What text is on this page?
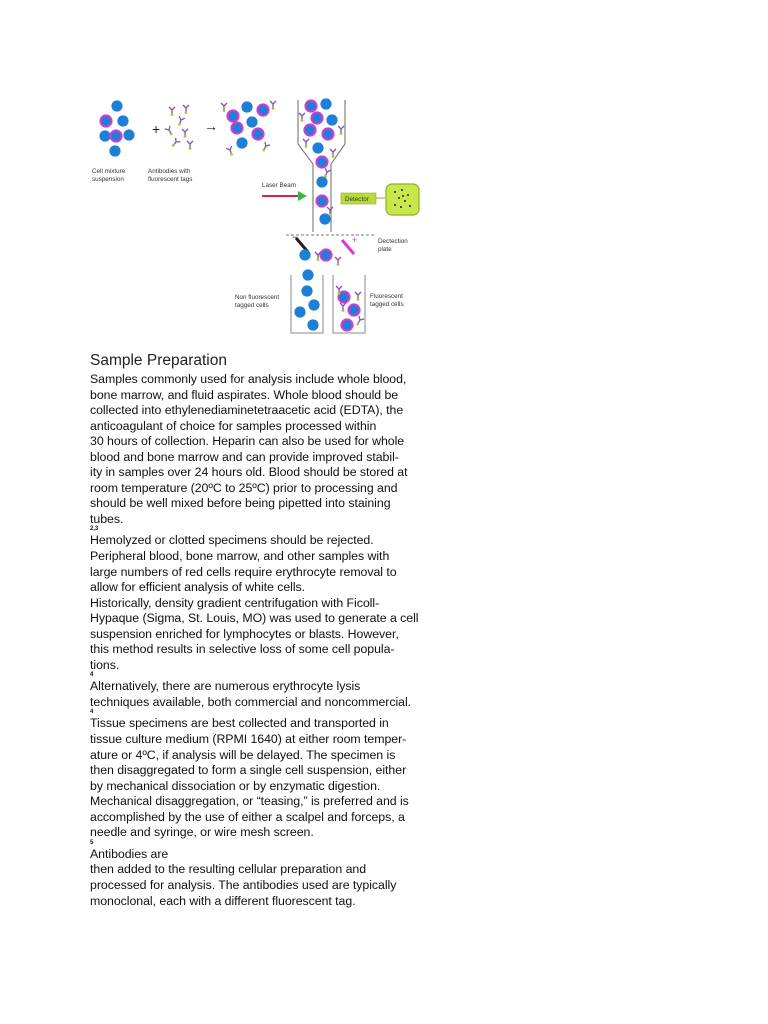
+	→
Laser Beam
Detector
−	+	Dectection
plate
Cell mixture
suspension
Antibodies with
fluorescent tags
Non fluorescent
tagged cells
Fluorescent
tagged cells
Sample Preparation
Samples commonly used for analysis include whole blood,
bone marrow, and fluid aspirates. Whole blood should be
collected into ethylenediaminetetraacetic acid (EDTA), the
anticoagulant of choice for samples processed within
30 hours of collection. Heparin can also be used for whole
blood and bone marrow and can provide improved stabil-
ity in samples over 24 hours old. Blood should be stored at
room temperature (20ºC to 25ºC) prior to processing and
should be well mixed before being pipetted into staining
tubes.
2,3
Hemolyzed or clotted specimens should be rejected.
Peripheral blood, bone marrow, and other samples with
large numbers of red cells require erythrocyte removal to
allow for efficient analysis of white cells.
Historically, density gradient centrifugation with Ficoll-
Hypaque (Sigma, St. Louis, MO) was used to generate a cell
suspension enriched for lymphocytes or blasts. However,
this method results in selective loss of some cell popula-
tions.
4
Alternatively, there are numerous erythrocyte lysis
techniques available, both commercial and noncommercial.
4
Tissue specimens are best collected and transported in
tissue culture medium (RPMI 1640) at either room temper-
ature or 4ºC, if analysis will be delayed. The specimen is
then disaggregated to form a single cell suspension, either
by mechanical dissociation or by enzymatic digestion.
Mechanical disaggregation, or “teasing,” is preferred and is
accomplished by the use of either a scalpel and forceps, a
needle and syringe, or wire mesh screen.
5
Antibodies are
then added to the resulting cellular preparation and
processed for analysis. The antibodies used are typically
monoclonal, each with a different fluorescent tag.
